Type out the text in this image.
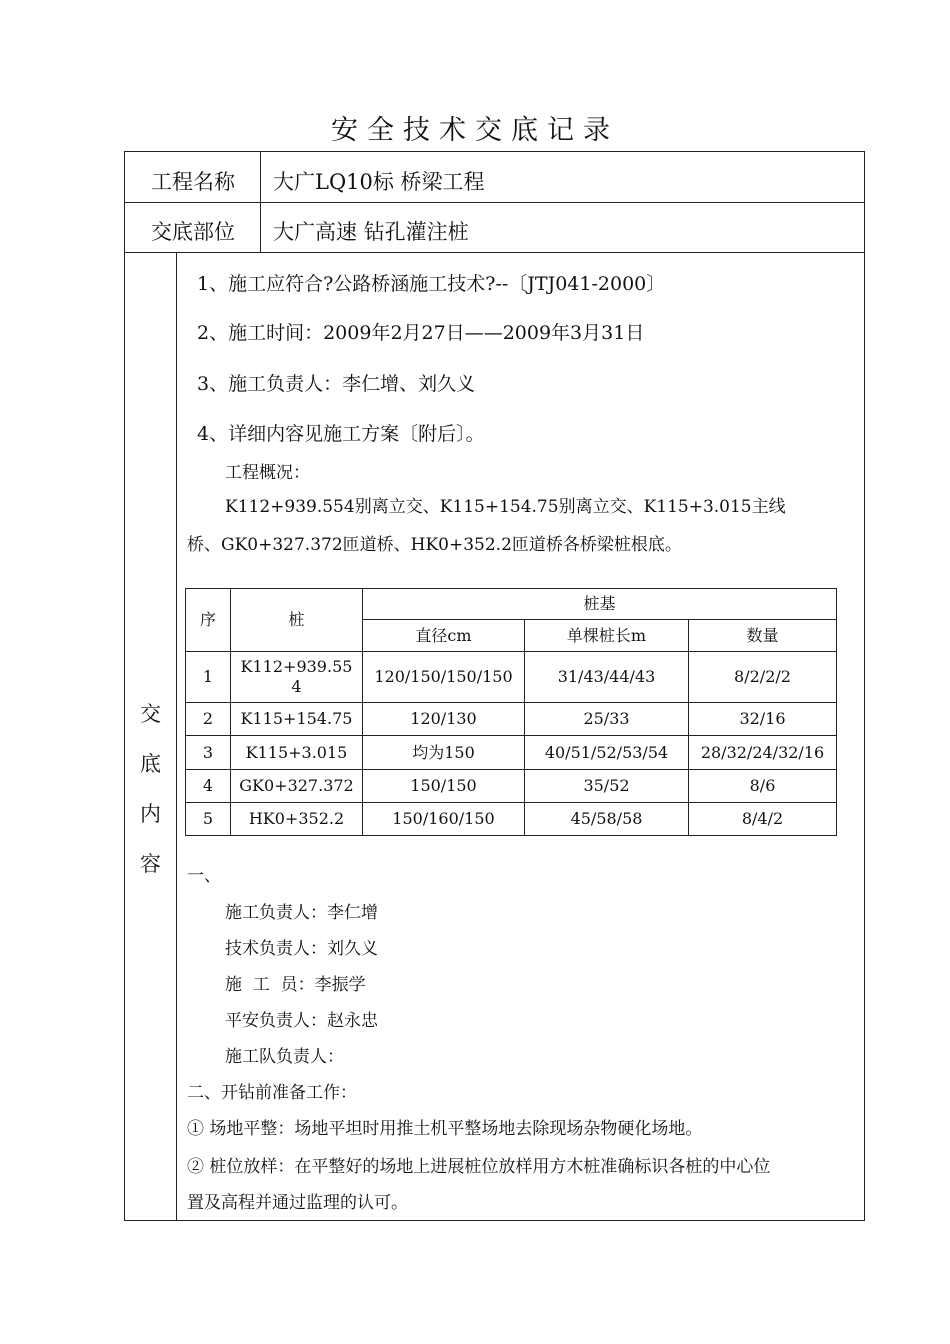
安全技术交底记录
工程名称 大广LQ10标 桥梁工程
交底部位 大广高速 钻孔灌注桩
交
底
内
容
1、施工应符合?公路桥涵施工技术?--〔JTJ041-2000〕
2、施工时间：2009年2月27日——2009年3月31日
3、施工负责人：李仁增、刘久义
4、详细内容见施工方案〔附后〕。
工程概况：
K112+939.554别离立交、K115+154.75别离立交、K115+3.015主线
桥、GK0+327.372匝道桥、HK0+352.2匝道桥各桥梁桩根底。
序	桩	桩基		
		直径cm	单棵桩长m	数量
1	K112+939.554	120/150/150/150	31/43/44/43	8/2/2/2
2	K115+154.75	120/130	25/33	32/16
3	K115+3.015	均为150	40/51/52/53/54	28/32/24/32/16
4	GK0+327.372	150/150	35/52	8/6
5	HK0+352.2	150/160/150	45/58/58	8/4/2
一、
施工负责人：李仁增
技术负责人：刘久义
施  工  员：李振学
平安负责人：赵永忠
施工队负责人：
二、开钻前准备工作：
① 场地平整：场地平坦时用推土机平整场地去除现场杂物硬化场地。
② 桩位放样：在平整好的场地上进展桩位放样用方木桩准确标识各桩的中心位
置及高程并通过监理的认可。
